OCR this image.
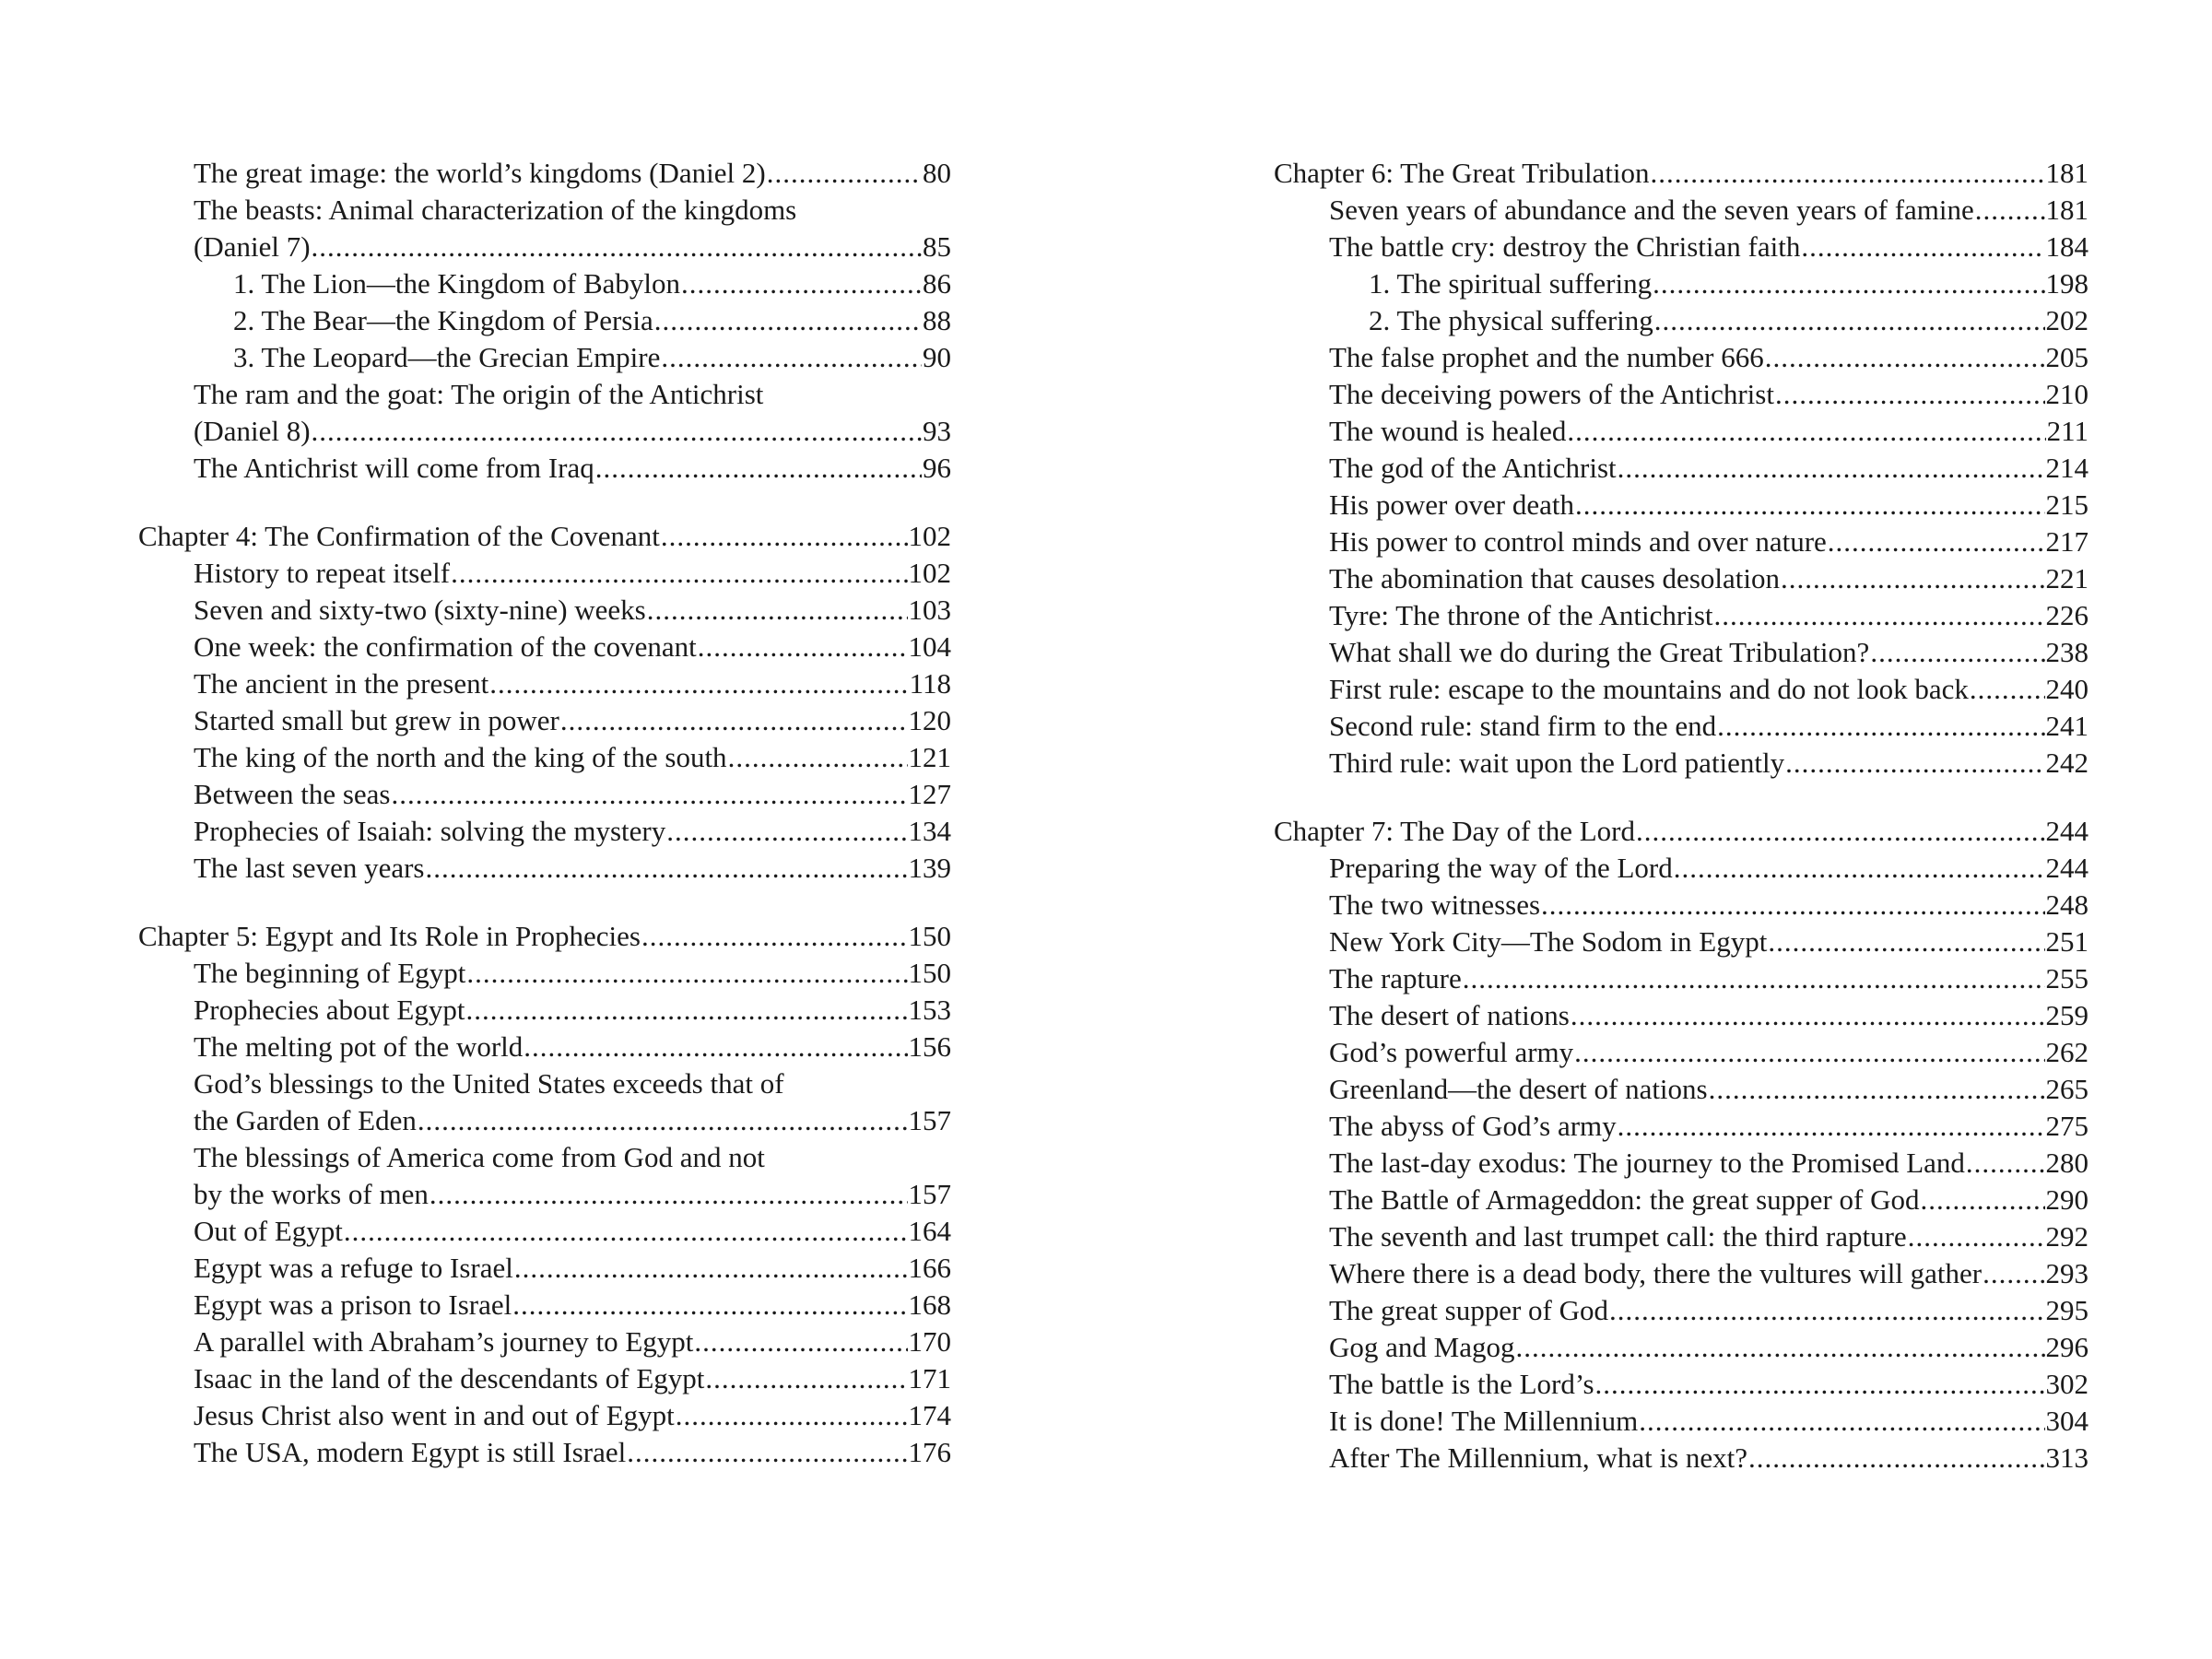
The great image: the world’s kingdoms (Daniel 2) .....	80
The beasts: Animal characterization of the kingdoms
(Daniel 7) .....	85
1. The Lion—the Kingdom of Babylon .....	86
2. The Bear—the Kingdom of Persia .....	88
3. The Leopard—the Grecian Empire .....	90
The ram and the goat: The origin of the Antichrist
(Daniel 8) .....	93
The Antichrist will come from Iraq .....	96
Chapter 4: The Confirmation of the Covenant .....	102
History to repeat itself .....	102
Seven and sixty-two (sixty-nine) weeks .....	103
One week: the confirmation of the covenant .....	104
The ancient in the present .....	118
Started small but grew in power .....	120
The king of the north and the king of the south .....	121
Between the seas .....	127
Prophecies of Isaiah: solving the mystery .....	134
The last seven years .....	139
Chapter 5: Egypt and Its Role in Prophecies .....	150
The beginning of Egypt .....	150
Prophecies about Egypt .....	153
The melting pot of the world .....	156
God’s blessings to the United States exceeds that of
the Garden of Eden .....	157
The blessings of America come from God and not
by the works of men .....	157
Out of Egypt .....	164
Egypt was a refuge to Israel .....	166
Egypt was a prison to Israel .....	168
A parallel with Abraham’s journey to Egypt .....	170
Isaac in the land of the descendants of Egypt .....	171
Jesus Christ also went in and out of Egypt .....	174
The USA, modern Egypt is still Israel .....	176
Chapter 6: The Great Tribulation .....	181
Seven years of abundance and the seven years of famine .....	181
The battle cry: destroy the Christian faith .....	184
1. The spiritual suffering .....	198
2. The physical suffering .....	202
The false prophet and the number 666 .....	205
The deceiving powers of the Antichrist .....	210
The wound is healed .....	211
The god of the Antichrist .....	214
His power over death .....	215
His power to control minds and over nature .....	217
The abomination that causes desolation .....	221
Tyre: The throne of the Antichrist .....	226
What shall we do during the Great Tribulation? .....	238
First rule: escape to the mountains and do not look back .....	240
Second rule: stand firm to the end .....	241
Third rule: wait upon the Lord patiently .....	242
Chapter 7: The Day of the Lord .....	244
Preparing the way of the Lord .....	244
The two witnesses .....	248
New York City—The Sodom in Egypt .....	251
The rapture .....	255
The desert of nations .....	259
God’s powerful army .....	262
Greenland—the desert of nations .....	265
The abyss of God’s army .....	275
The last-day exodus: The journey to the Promised Land .....	280
The Battle of Armageddon: the great supper of God .....	290
The seventh and last trumpet call: the third rapture .....	292
Where there is a dead body, there the vultures will gather ..... 293
The great supper of God .....	295
Gog and Magog .....	296
The battle is the Lord’s .....	302
It is done! The Millennium .....	304
After The Millennium, what is next? .....	313
